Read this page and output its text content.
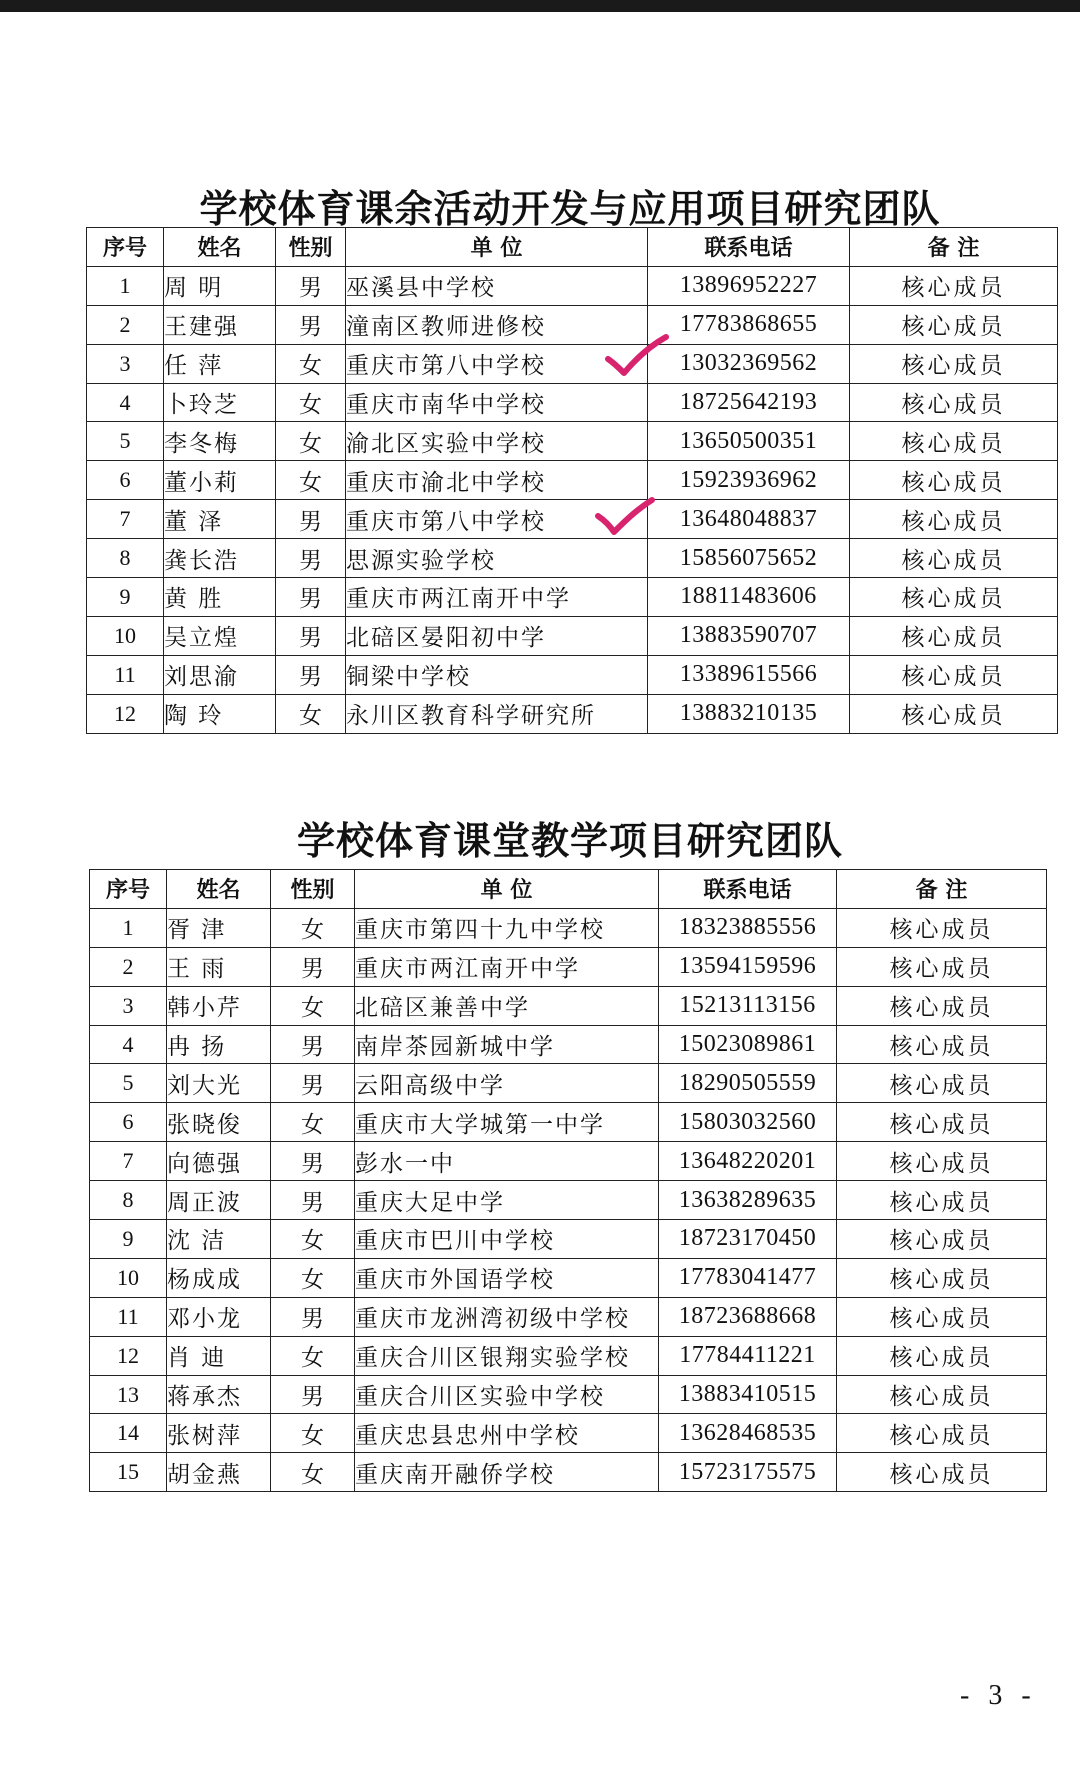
学校体育课余活动开发与应用项目研究团队
序号	姓名	性别	单 位	联系电话	备 注
1	周 明	男	巫溪县中学校	13896952227	核心成员
2	王建强	男	潼南区教师进修校	17783868655	核心成员
3	任 萍	女	重庆市第八中学校	13032369562	核心成员
4	卜玲芝	女	重庆市南华中学校	18725642193	核心成员
5	李冬梅	女	渝北区实验中学校	13650500351	核心成员
6	董小莉	女	重庆市渝北中学校	15923936962	核心成员
7	董 泽	男	重庆市第八中学校	13648048837	核心成员
8	龚长浩	男	思源实验学校	15856075652	核心成员
9	黄 胜	男	重庆市两江南开中学	18811483606	核心成员
10	吴立煌	男	北碚区晏阳初中学	13883590707	核心成员
11	刘思渝	男	铜梁中学校	13389615566	核心成员
12	陶 玲	女	永川区教育科学研究所	13883210135	核心成员
学校体育课堂教学项目研究团队
序号	姓名	性别	单 位	联系电话	备 注
1	胥 津	女	重庆市第四十九中学校	18323885556	核心成员
2	王 雨	男	重庆市两江南开中学	13594159596	核心成员
3	韩小芹	女	北碚区兼善中学	15213113156	核心成员
4	冉 扬	男	南岸茶园新城中学	15023089861	核心成员
5	刘大光	男	云阳高级中学	18290505559	核心成员
6	张晓俊	女	重庆市大学城第一中学	15803032560	核心成员
7	向德强	男	彭水一中	13648220201	核心成员
8	周正波	男	重庆大足中学	13638289635	核心成员
9	沈 洁	女	重庆市巴川中学校	18723170450	核心成员
10	杨成成	女	重庆市外国语学校	17783041477	核心成员
11	邓小龙	男	重庆市龙洲湾初级中学校	18723688668	核心成员
12	肖 迪	女	重庆合川区银翔实验学校	17784411221	核心成员
13	蒋承杰	男	重庆合川区实验中学校	13883410515	核心成员
14	张树萍	女	重庆忠县忠州中学校	13628468535	核心成员
15	胡金燕	女	重庆南开融侨学校	15723175575	核心成员
- 3 -
